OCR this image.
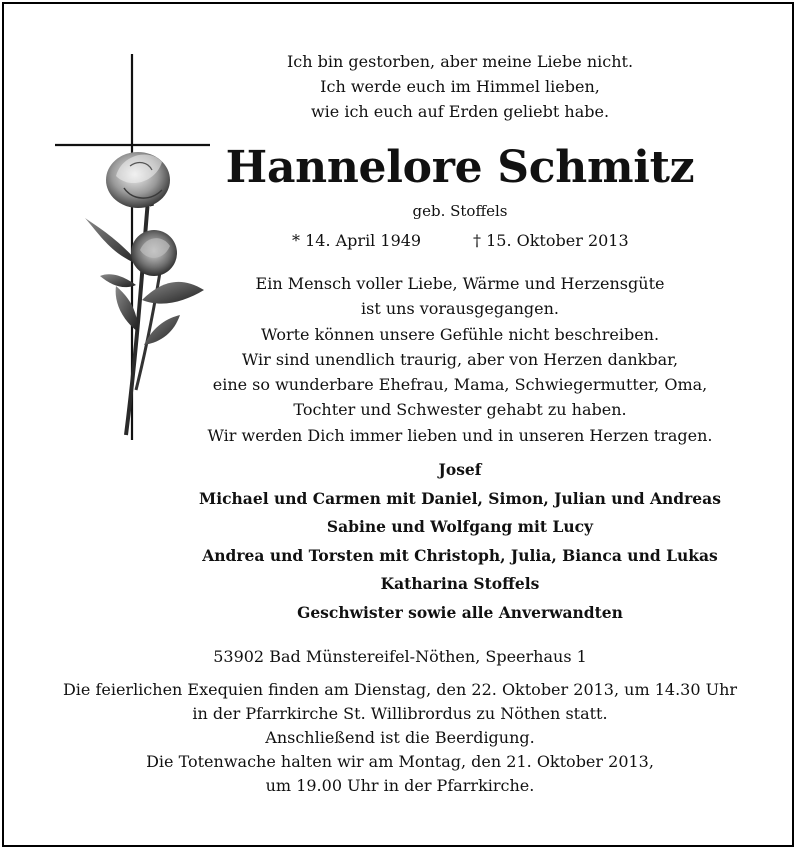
Ich bin gestorben, aber meine Liebe nicht.
Ich werde euch im Himmel lieben,
wie ich euch auf Erden geliebt habe.
Hannelore Schmitz
geb. Stoffels
* 14. April 1949	† 15. Oktober 2013
Ein Mensch voller Liebe, Wärme und Herzensgüte
ist uns vorausgegangen.
Worte können unsere Gefühle nicht beschreiben.
Wir sind unendlich traurig, aber von Herzen dankbar,
eine so wunderbare Ehefrau, Mama, Schwiegermutter, Oma,
Tochter und Schwester gehabt zu haben.
Wir werden Dich immer lieben und in unseren Herzen tragen.
Josef
Michael und Carmen mit Daniel, Simon, Julian und Andreas
Sabine und Wolfgang mit Lucy
Andrea und Torsten mit Christoph, Julia, Bianca und Lukas
Katharina Stoffels
Geschwister sowie alle Anverwandten
53902 Bad Münstereifel-Nöthen, Speerhaus 1
Die feierlichen Exequien finden am Dienstag, den 22. Oktober 2013, um 14.30 Uhr
in der Pfarrkirche St. Willibrordus zu Nöthen statt.
Anschließend ist die Beerdigung.
Die Totenwache halten wir am Montag, den 21. Oktober 2013,
um 19.00 Uhr in der Pfarrkirche.
